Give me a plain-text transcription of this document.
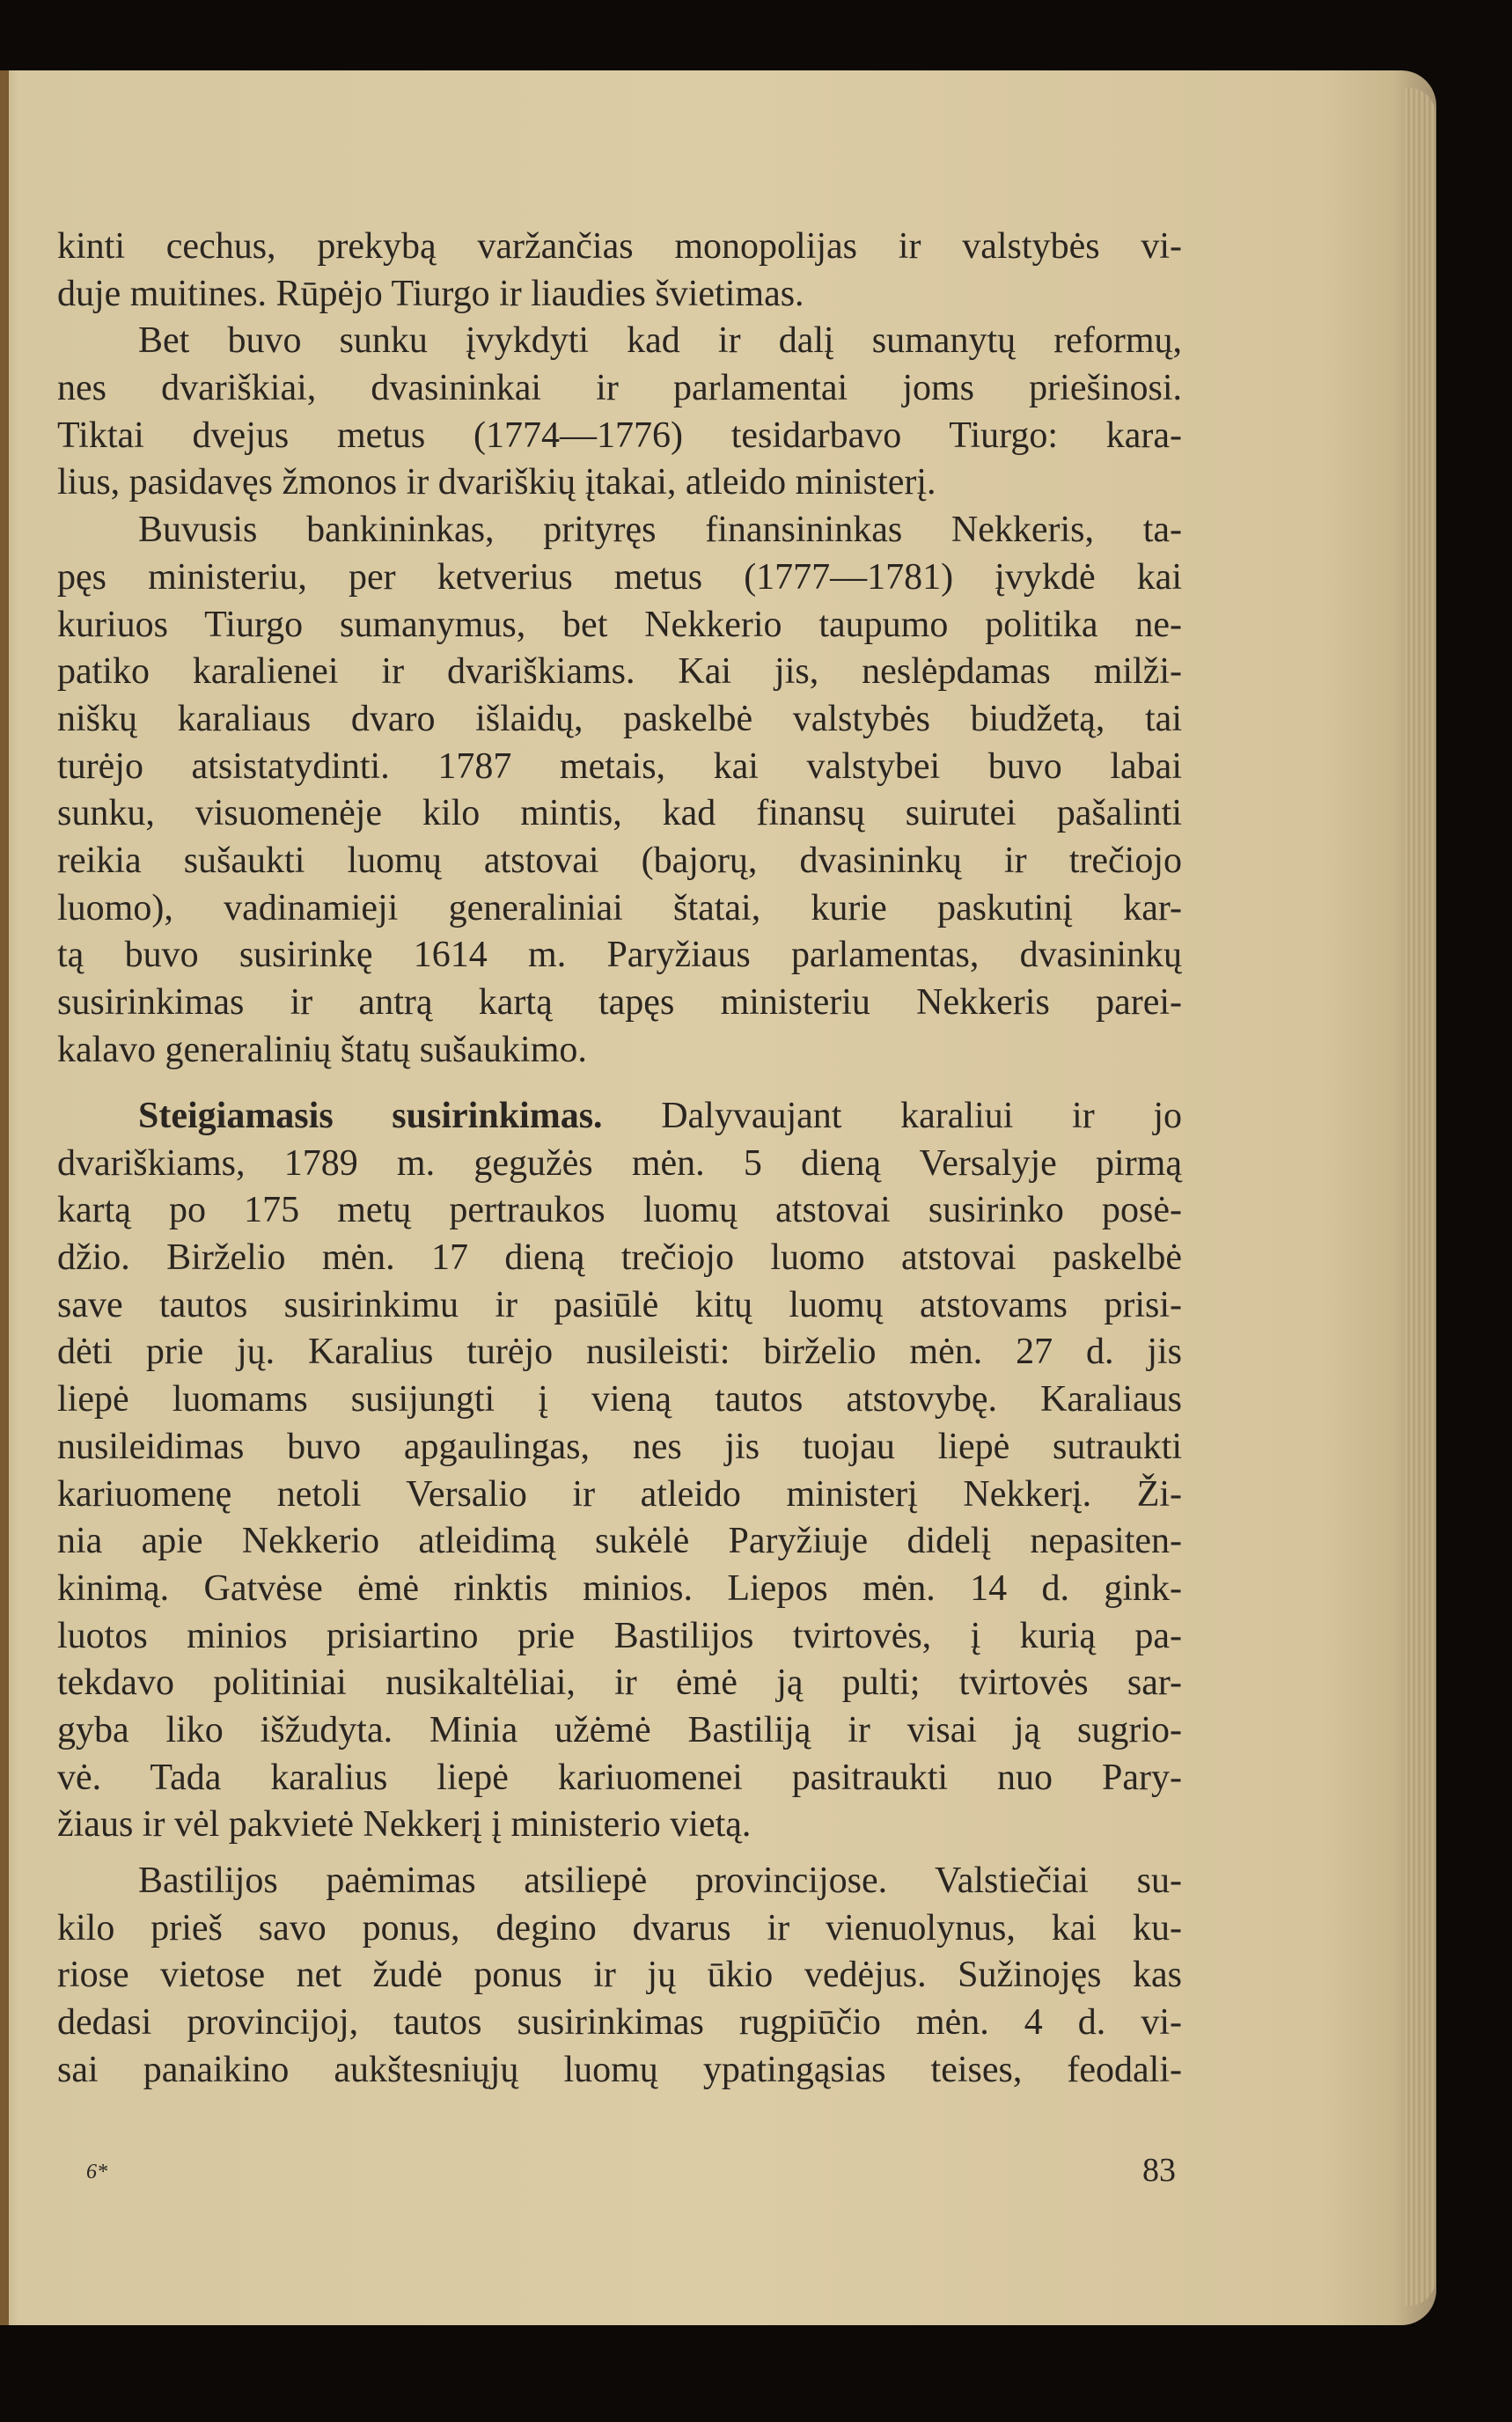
kinti cechus, prekybą varžančias monopolijas ir valstybės vi-
duje muitines. Rūpėjo Tiurgo ir liaudies švietimas.
Bet buvo sunku įvykdyti kad ir dalį sumanytų reformų,
nes dvariškiai, dvasininkai ir parlamentai joms priešinosi.
Tiktai dvejus metus (1774—1776) tesidarbavo Tiurgo: kara-
lius, pasidavęs žmonos ir dvariškių įtakai, atleido ministerį.
Buvusis bankininkas, prityręs finansininkas Nekkeris, ta-
pęs ministeriu, per ketverius metus (1777—1781) įvykdė kai
kuriuos Tiurgo sumanymus, bet Nekkerio taupumo politika ne-
patiko karalienei ir dvariškiams. Kai jis, neslėpdamas milži-
niškų karaliaus dvaro išlaidų, paskelbė valstybės biudžetą, tai
turėjo atsistatydinti. 1787 metais, kai valstybei buvo labai
sunku, visuomenėje kilo mintis, kad finansų suirutei pašalinti
reikia sušaukti luomų atstovai (bajorų, dvasininkų ir trečiojo
luomo), vadinamieji generaliniai štatai, kurie paskutinį kar-
tą buvo susirinkę 1614 m. Paryžiaus parlamentas, dvasininkų
susirinkimas ir antrą kartą tapęs ministeriu Nekkeris parei-
kalavo generalinių štatų sušaukimo.
Steigiamasis susirinkimas. Dalyvaujant karaliui ir jo
dvariškiams, 1789 m. gegužės mėn. 5 dieną Versalyje pirmą
kartą po 175 metų pertraukos luomų atstovai susirinko posė-
džio. Birželio mėn. 17 dieną trečiojo luomo atstovai paskelbė
save tautos susirinkimu ir pasiūlė kitų luomų atstovams prisi-
dėti prie jų. Karalius turėjo nusileisti: birželio mėn. 27 d. jis
liepė luomams susijungti į vieną tautos atstovybę. Karaliaus
nusileidimas buvo apgaulingas, nes jis tuojau liepė sutraukti
kariuomenę netoli Versalio ir atleido ministerį Nekkerį. Ži-
nia apie Nekkerio atleidimą sukėlė Paryžiuje didelį nepasiten-
kinimą. Gatvėse ėmė rinktis minios. Liepos mėn. 14 d. gink-
luotos minios prisiartino prie Bastilijos tvirtovės, į kurią pa-
tekdavo politiniai nusikaltėliai, ir ėmė ją pulti; tvirtovės sar-
gyba liko išžudyta. Minia užėmė Bastiliją ir visai ją sugrio-
vė. Tada karalius liepė kariuomenei pasitraukti nuo Pary-
žiaus ir vėl pakvietė Nekkerį į ministerio vietą.
Bastilijos paėmimas atsiliepė provincijose. Valstiečiai su-
kilo prieš savo ponus, degino dvarus ir vienuolynus, kai ku-
riose vietose net žudė ponus ir jų ūkio vedėjus. Sužinojęs kas
dedasi provincijoj, tautos susirinkimas rugpiūčio mėn. 4 d. vi-
sai panaikino aukštesniųjų luomų ypatingąsias teises, feodali-
6*	83
